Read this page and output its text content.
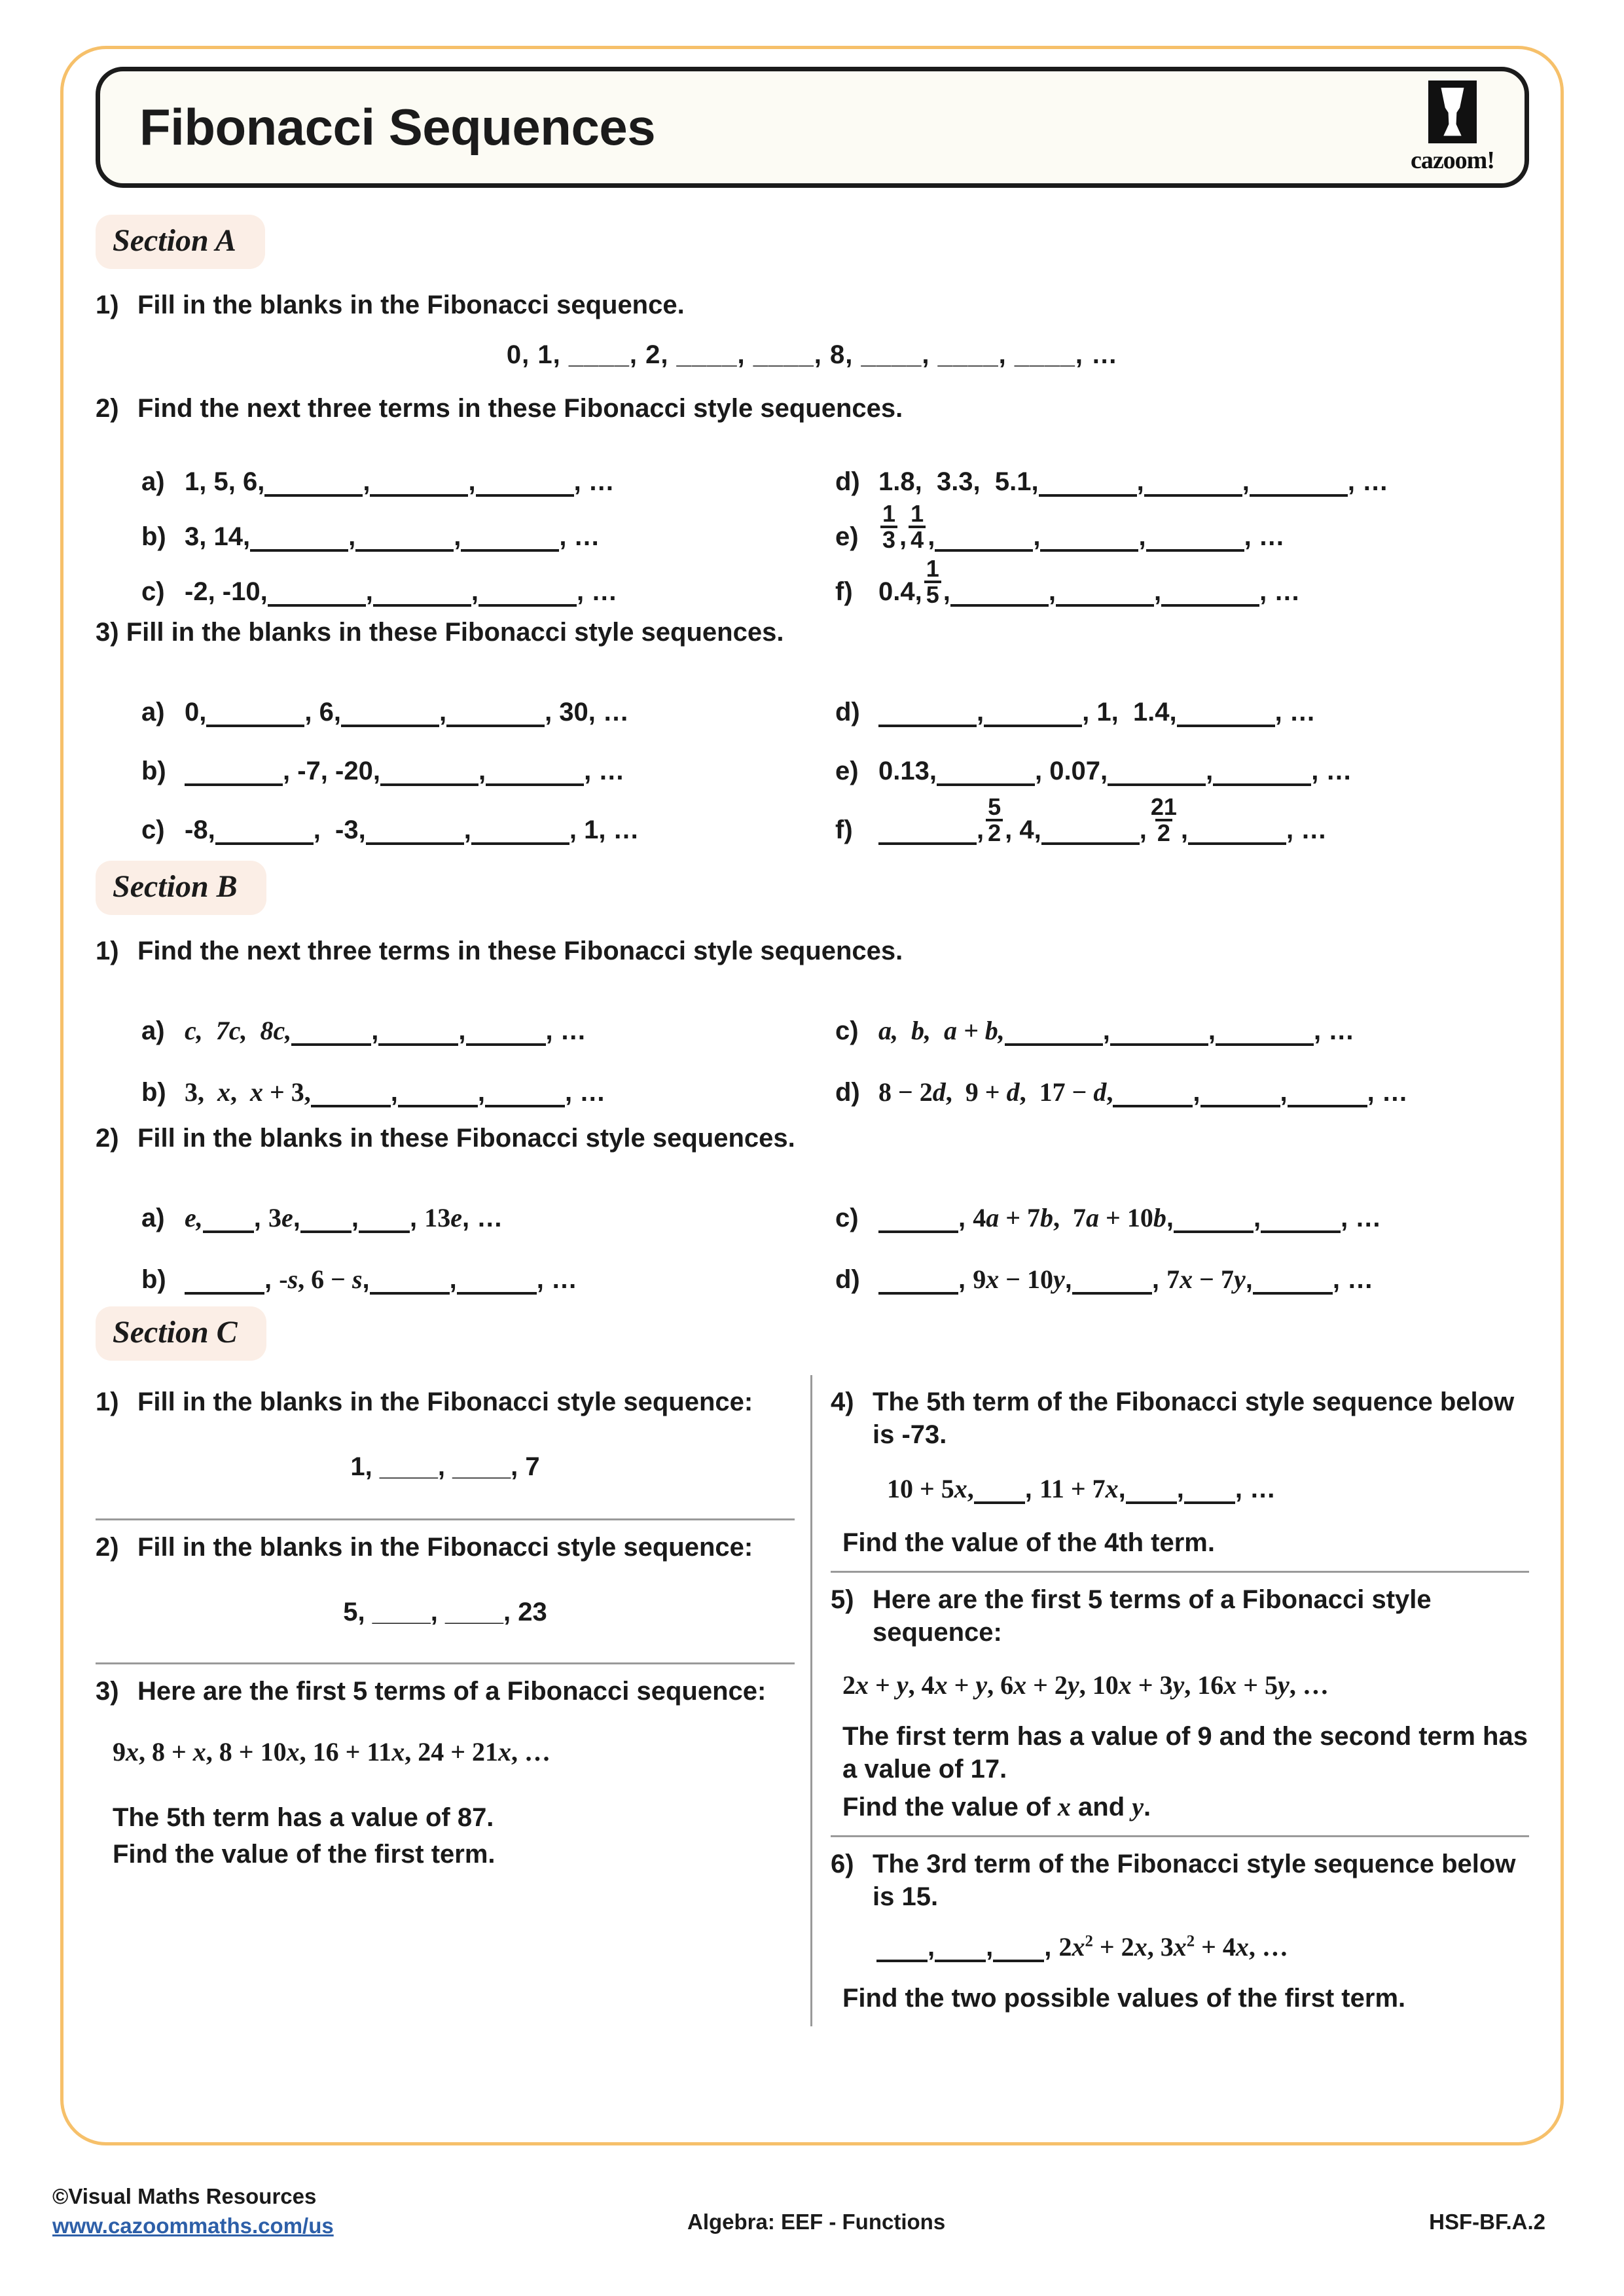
Fibonacci Sequences
cazoom!
Section A
1) Fill in the blanks in the Fibonacci sequence.
0, 1, ____, 2, ____, ____, 8, ____, ____, ____, …
2) Find the next three terms in these Fibonacci style sequences.
a) 1, 5, 6,	,	,	, …
b) 3, 14,	,	,	, …
c) -2, -10,	,	,	, …
d) 1.8,  3.3,  5.1,	,	,	, …
$e) \frac{1}{3}$ , $\frac{1}{4}$ ,	,	,	, …
f) 0.4, $\frac{1}{5}$ ,	,	,	, …
3) Fill in the blanks in these Fibonacci style sequences.
a) 0,	, 6,	,	, 30, …
b)	, -7, -20,	,	, …
c) -8,	,  -3,	,	, 1, …
d)	,	, 1,  1.4,	, …
e) 0.13,	, 0.07,	,	, …
f)	, $\frac{5}{2}$ , 4,	, $\frac{21}{2}$ ,	, …
Section B
1) Find the next three terms in these Fibonacci style sequences.
a) c,  7c,  8c,	,	,	, …
b) 3,  x,  x + 3,	,	,	, …
c) a,  b,  a + b,	,	,	, …
d) 8 − 2d,  9 + d,  17 − d,	,	,	, …
2) Fill in the blanks in these Fibonacci style sequences.
a) e, , 3e, , , 13e, …
b)	, -s, 6 − s,	,	, …
c)	, 4a + 7b,  7a + 10b,	,	, …
d)	, 9x − 10y,	, 7x − 7y,	, …
Section C
1) Fill in the blanks in the Fibonacci style sequence:
1, ____, ____, 7
2) Fill in the blanks in the Fibonacci style sequence:
5, ____, ____, 23
3) Here are the first 5 terms of a Fibonacci sequence:
9x, 8 + x, 8 + 10x, 16 + 11x, 24 + 21x, …
The 5th term has a value of 87.
Find the value of the first term.
4) The 5th term of the Fibonacci style sequence below is -73.
10 + 5x, , 11 + 7x, , , …
Find the value of the 4th term.
5) Here are the first 5 terms of a Fibonacci style sequence:
2x + y, 4x + y, 6x + 2y, 10x + 3y, 16x + 5y, …
The first term has a value of 9 and the second term has a value of 17.
Find the value of x and y.
6) The 3rd term of the Fibonacci style sequence below is 15.
, , , $2x^2 + 2x$, $3x^2 + 4x$, …
Find the two possible values of the first term.
©Visual Maths Resources
www.cazoommaths.com/us	Algebra: EEF - Functions	HSF-BF.A.2
